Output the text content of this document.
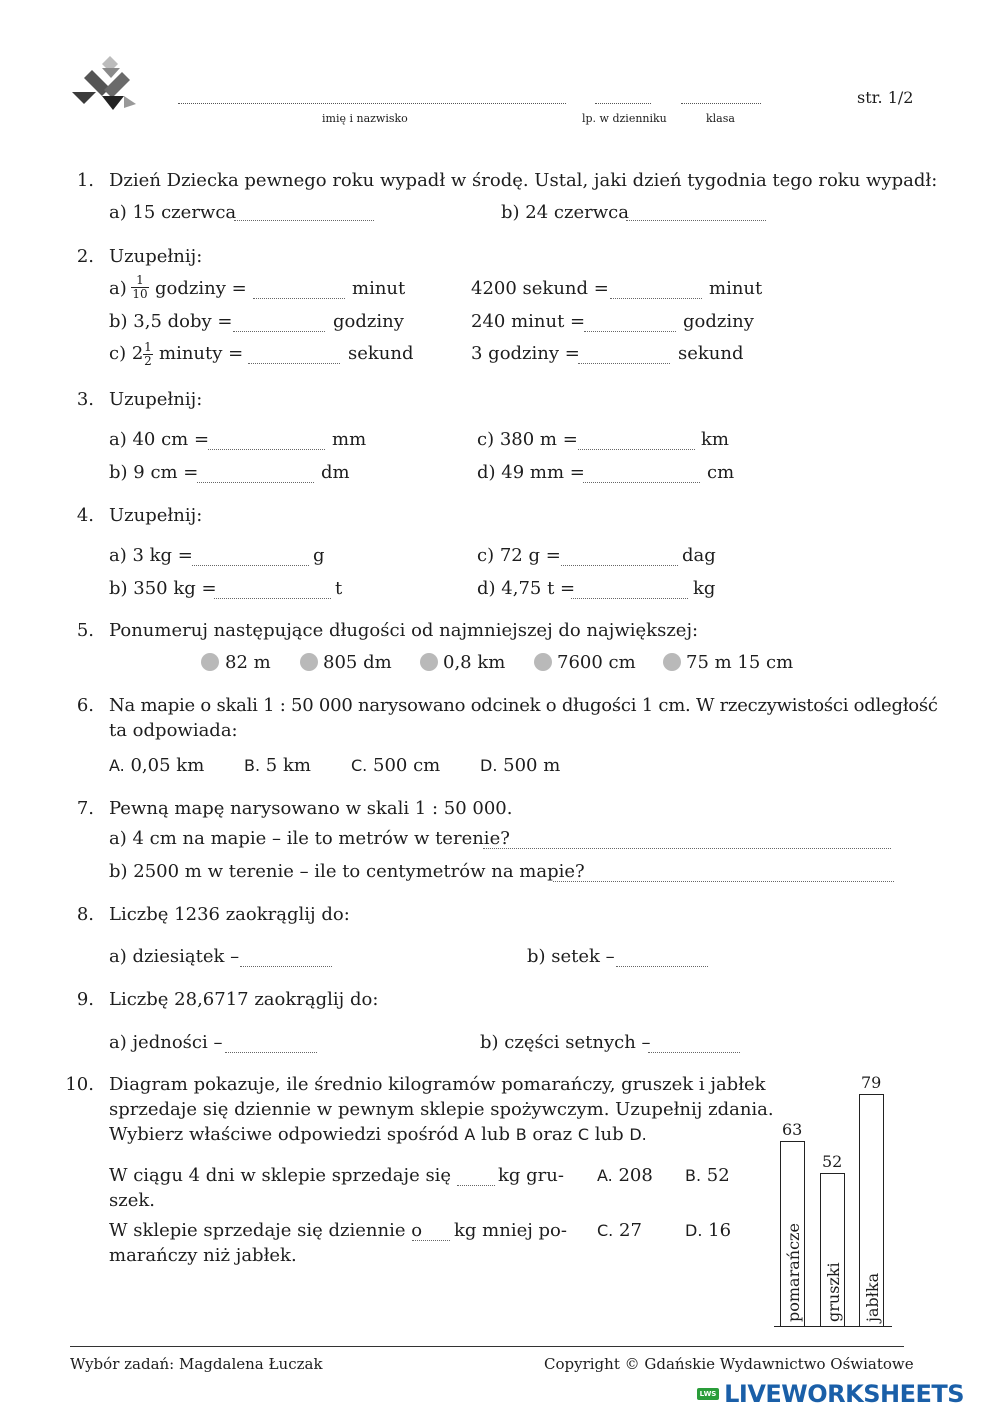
imię i nazwisko	lp. w dzienniku	klasa
str. 1/2
1. Dzień Dziecka pewnego roku wypadł w środę. Ustal, jaki dzień tygodnia tego roku wypadł:
a) 15 czerwca	b) 24 czerwca
2. Uzupełnij:
$a) \frac{1}{10}$ godziny =	minut
b) 3,5 doby =	godziny
c) $2 \frac{1}{2}$ minuty =	sekund
4200 sekund =	minut
240 minut =	godziny
3 godziny =	sekund
3. Uzupełnij:
a) 40 cm =	mm
b) 9 cm =	dm
c) 380 m =	km
d) 49 mm =	cm
4. Uzupełnij:
a) 3 kg =	g
b) 350 kg =	t
c) 72 g =	dag
d) 4,75 t =	kg
5. Ponumeruj następujące długości od najmniejszej do największej:
82 m	805 dm	0,8 km	7600 cm	75 m 15 cm
6. Na mapie o skali 1 : 50 000 narysowano odcinek o długości 1 cm. W rzeczywistości odległość
ta odpowiada:
A. 0,05 km B. 5 km	C. 500 cm D. 500 m
7. Pewną mapę narysowano w skali 1 : 50 000.
a) 4 cm na mapie – ile to metrów w terenie?
b) 2500 m w terenie – ile to centymetrów na mapie?
8. Liczbę 1236 zaokrąglij do:
a) dziesiątek –	b) setek –
9. Liczbę 28,6717 zaokrąglij do:
a) jedności –	b) części setnych –
10. Diagram pokazuje, ile średnio kilogramów pomarańczy, gruszek i jabłek
sprzedaje się dziennie w pewnym sklepie spożywczym. Uzupełnij zdania.
Wybierz właściwe odpowiedzi spośród A lub B oraz C lub D.
W ciągu 4 dni w sklepie sprzedaje się	kg gru-
szek.
W sklepie sprzedaje się dziennie o kg mniej po-
marańczy niż jabłek.
A. 208 B. 52
C. 27	D. 16
63
pomarańcze
52
gruszki
79
jabłka
Wybór zadań: Magdalena Łuczak	Copyright © Gdańskie Wydawnictwo Oświatowe
LWS LIVEWORKSHEETS
